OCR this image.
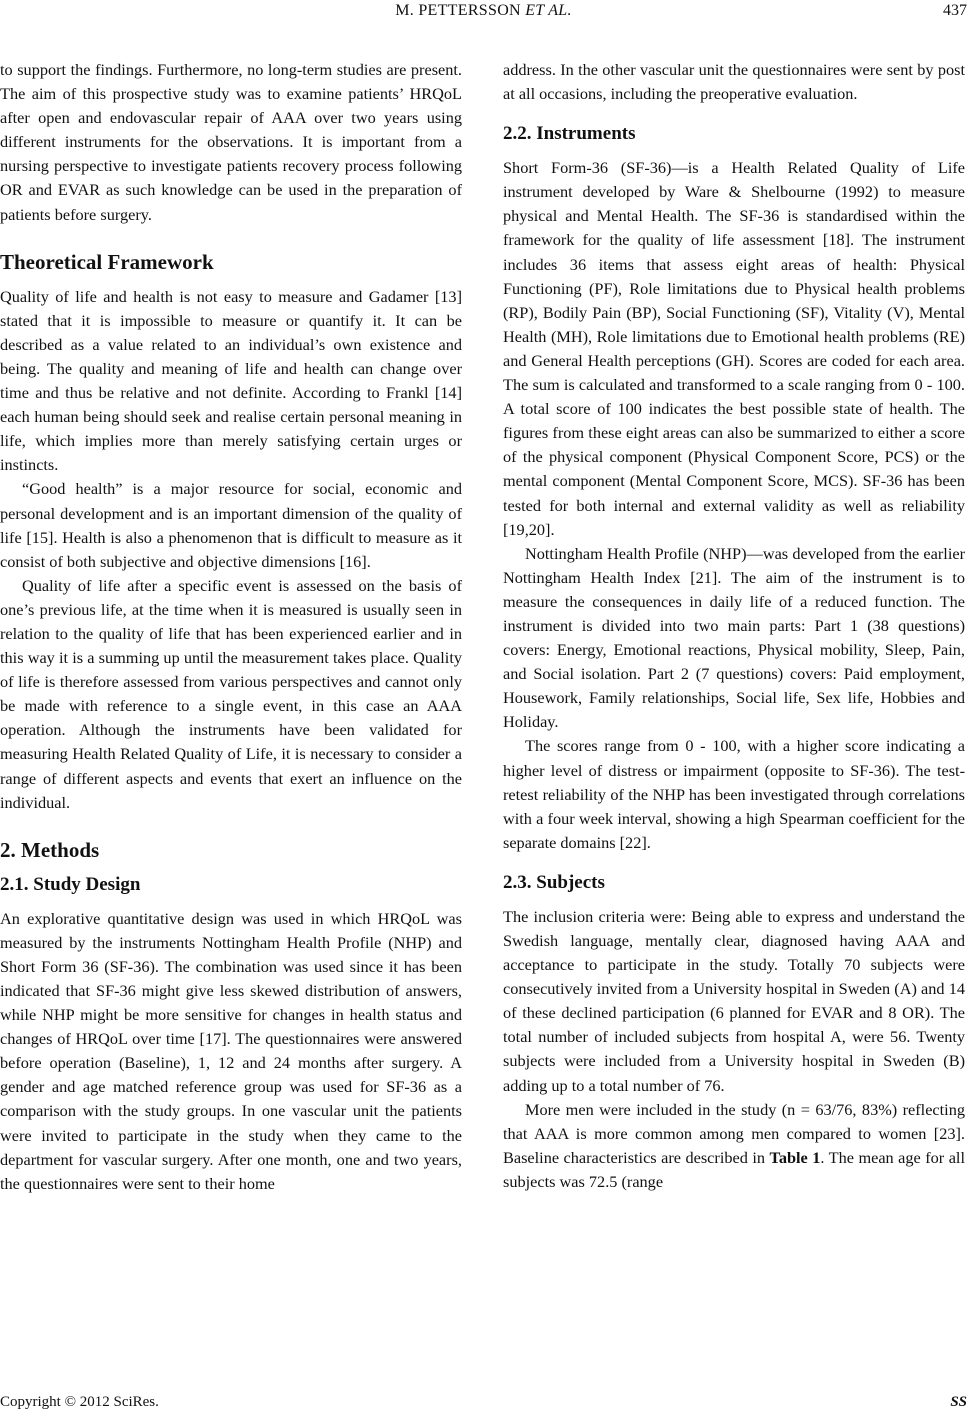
M. PETTERSSON ET AL.	437

to support the findings. Furthermore, no long-term studies are present. The aim of this prospective study was to examine patients’ HRQoL after open and endovascular repair of AAA over two years using different instruments for the observations. It is important from a nursing perspective to investigate patients recovery process following OR and EVAR as such knowledge can be used in the preparation of patients before surgery.

Theoretical Framework

Quality of life and health is not easy to measure and Gadamer [13] stated that it is impossible to measure or quantify it. It can be described as a value related to an individual’s own existence and being. The quality and meaning of life and health can change over time and thus be relative and not definite. According to Frankl [14] each human being should seek and realise certain personal meaning in life, which implies more than merely satisfying certain urges or instincts.

“Good health” is a major resource for social, economic and personal development and is an important dimension of the quality of life [15]. Health is also a phenomenon that is difficult to measure as it consist of both subjective and objective dimensions [16].

Quality of life after a specific event is assessed on the basis of one’s previous life, at the time when it is measured is usually seen in relation to the quality of life that has been experienced earlier and in this way it is a summing up until the measurement takes place. Quality of life is therefore assessed from various perspectives and cannot only be made with reference to a single event, in this case an AAA operation. Although the instruments have been validated for measuring Health Related Quality of Life, it is necessary to consider a range of different aspects and events that exert an influence on the individual.

2. Methods
2.1. Study Design

An explorative quantitative design was used in which HRQoL was measured by the instruments Nottingham Health Profile (NHP) and Short Form 36 (SF-36). The combination was used since it has been indicated that SF-36 might give less skewed distribution of answers, while NHP might be more sensitive for changes in health status and changes of HRQoL over time [17]. The questionnaires were answered before operation (Baseline), 1, 12 and 24 months after surgery. A gender and age matched reference group was used for SF-36 as a comparison with the study groups. In one vascular unit the patients were invited to participate in the study when they came to the department for vascular surgery. After one month, one and two years, the questionnaires were sent to their home

address. In the other vascular unit the questionnaires were sent by post at all occasions, including the preoperative evaluation.

2.2. Instruments

Short Form-36 (SF-36)—is a Health Related Quality of Life instrument developed by Ware & Shelbourne (1992) to measure physical and Mental Health. The SF-36 is standardised within the framework for the quality of life assessment [18]. The instrument includes 36 items that assess eight areas of health: Physical Functioning (PF), Role limitations due to Physical health problems (RP), Bodily Pain (BP), Social Functioning (SF), Vitality (V), Mental Health (MH), Role limitations due to Emotional health problems (RE) and General Health perceptions (GH). Scores are coded for each area. The sum is calculated and transformed to a scale ranging from 0 - 100. A total score of 100 indicates the best possible state of health. The figures from these eight areas can also be summarized to either a score of the physical component (Physical Component Score, PCS) or the mental component (Mental Component Score, MCS). SF-36 has been tested for both internal and external validity as well as reliability [19,20].

Nottingham Health Profile (NHP)—was developed from the earlier Nottingham Health Index [21]. The aim of the instrument is to measure the consequences in daily life of a reduced function. The instrument is divided into two main parts: Part 1 (38 questions) covers: Energy, Emotional reactions, Physical mobility, Sleep, Pain, and Social isolation. Part 2 (7 questions) covers: Paid employment, Housework, Family relationships, Social life, Sex life, Hobbies and Holiday.

The scores range from 0 - 100, with a higher score indicating a higher level of distress or impairment (opposite to SF-36). The test-retest reliability of the NHP has been investigated through correlations with a four week interval, showing a high Spearman coefficient for the separate domains [22].

2.3. Subjects

The inclusion criteria were: Being able to express and understand the Swedish language, mentally clear, diagnosed having AAA and acceptance to participate in the study. Totally 70 subjects were consecutively invited from a University hospital in Sweden (A) and 14 of these declined participation (6 planned for EVAR and 8 OR). The total number of included subjects from hospital A, were 56. Twenty subjects were included from a University hospital in Sweden (B) adding up to a total number of 76.

More men were included in the study (n = 63/76, 83%) reflecting that AAA is more common among men compared to women [23]. Baseline characteristics are described in Table 1. The mean age for all subjects was 72.5 (range

Copyright © 2012 SciRes.	SS
